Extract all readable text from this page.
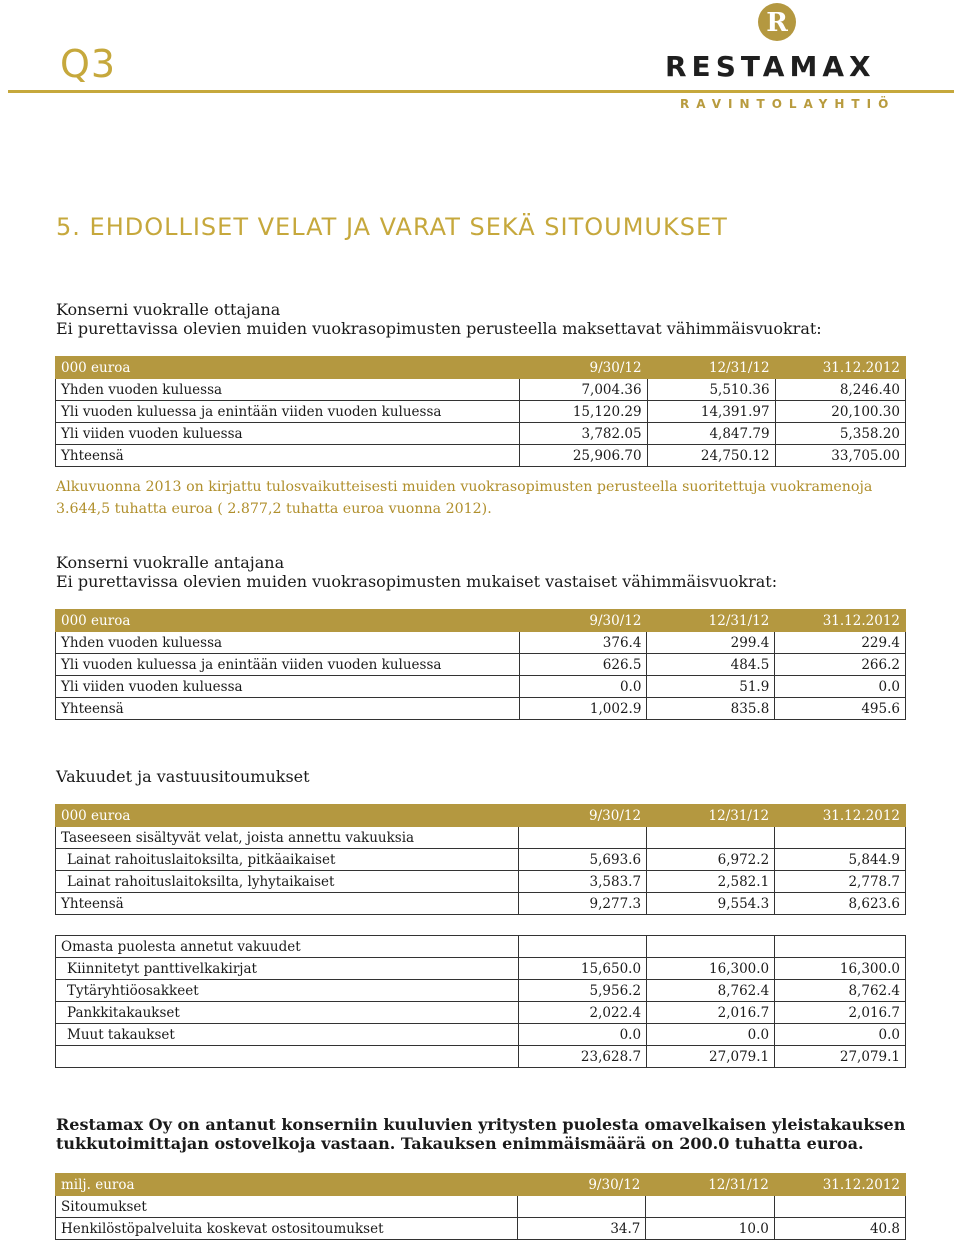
Q3
R
RESTAMAX
RAVINTOLAYHTIÖ
5. EHDOLLISET VELAT JA VARAT SEKÄ SITOUMUKSET
Konserni vuokralle ottajana
Ei purettavissa olevien muiden vuokrasopimusten perusteella maksettavat vähimmäisvuokrat:
000 euroa	9/30/12	12/31/12	31.12.2012
Yhden vuoden kuluessa	7,004.36	5,510.36	8,246.40
Yli vuoden kuluessa ja enintään viiden vuoden kuluessa	15,120.29	14,391.97	20,100.30
Yli viiden vuoden kuluessa	3,782.05	4,847.79	5,358.20
Yhteensä	25,906.70	24,750.12	33,705.00
Alkuvuonna 2013 on kirjattu tulosvaikutteisesti muiden vuokrasopimusten perusteella suoritettuja vuokramenoja
3.644,5 tuhatta euroa ( 2.877,2 tuhatta euroa vuonna 2012).
Konserni vuokralle antajana
Ei purettavissa olevien muiden vuokrasopimusten mukaiset vastaiset vähimmäisvuokrat:
000 euroa	9/30/12	12/31/12	31.12.2012
Yhden vuoden kuluessa	376.4	299.4	229.4
Yli vuoden kuluessa ja enintään viiden vuoden kuluessa	626.5	484.5	266.2
Yli viiden vuoden kuluessa	0.0	51.9	0.0
Yhteensä	1,002.9	835.8	495.6
Vakuudet ja vastuusitoumukset
000 euroa	9/30/12	12/31/12	31.12.2012
Taseeseen sisältyvät velat, joista annettu vakuuksia			
Lainat rahoituslaitoksilta, pitkäaikaiset	5,693.6	6,972.2	5,844.9
Lainat rahoituslaitoksilta, lyhytaikaiset	3,583.7	2,582.1	2,778.7
Yhteensä	9,277.3	9,554.3	8,623.6

Omasta puolesta annetut vakuudet			
Kiinnitetyt panttivelkakirjat	15,650.0	16,300.0	16,300.0
Tytäryhtiöosakkeet	5,956.2	8,762.4	8,762.4
Pankkitakaukset	2,022.4	2,016.7	2,016.7
Muut takaukset	0.0	0.0	0.0
	23,628.7	27,079.1	27,079.1
Restamax Oy on antanut konserniin kuuluvien yritysten puolesta omavelkaisen yleistakauksen
tukkutoimittajan ostovelkoja vastaan. Takauksen enimmäismäärä on 200.0 tuhatta euroa.
milj. euroa	9/30/12	12/31/12	31.12.2012
Sitoumukset			
Henkilöstöpalveluita koskevat ostositoumukset	34.7	10.0	40.8
